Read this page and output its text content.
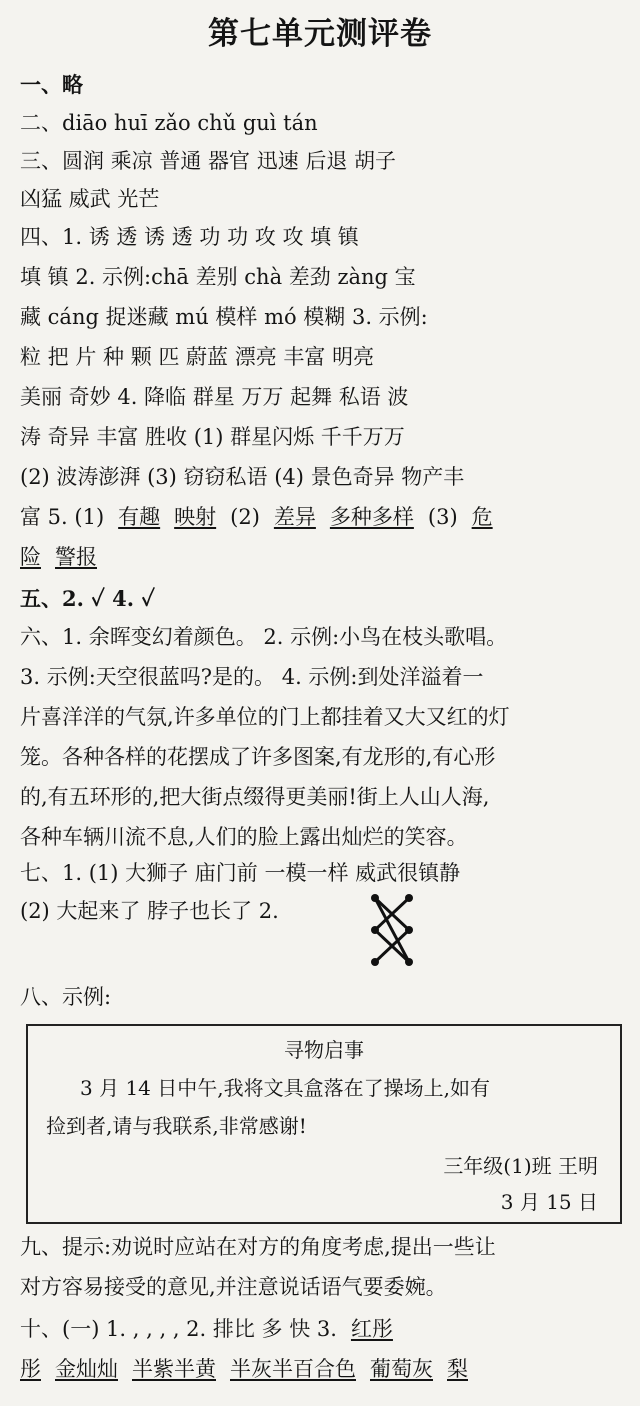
第七单元测评卷
一、略
二、diāo huī zǎo chǔ guì tán
三、圆润 乘凉 普通 器官 迅速 后退 胡子
凶猛 威武 光芒
四、1. 诱 透 诱 透 功 功 攻 攻 填 镇
填 镇 2. 示例:chā 差别 chà 差劲 zàng 宝
藏 cáng 捉迷藏 mú 模样 mó 模糊 3. 示例:
粒 把 片 种 颗 匹 蔚蓝 漂亮 丰富 明亮
美丽 奇妙 4. 降临 群星 万万 起舞 私语 波
涛 奇异 丰富 胜收 (1) 群星闪烁 千千万万
(2) 波涛澎湃 (3) 窃窃私语 (4) 景色奇异 物产丰
富 5. (1) 有趣 映射 (2) 差异 多种多样 (3) 危
险 警报
五、2. ✓ 4. ✓
六、1. 余晖变幻着颜色。 2. 示例:小鸟在枝头歌唱。
3. 示例:天空很蓝吗?是的。 4. 示例:到处洋溢着一
片喜洋洋的气氛,许多单位的门上都挂着又大又红的灯
笼。各种各样的花摆成了许多图案,有龙形的,有心形
的,有五环形的,把大街点缀得更美丽!街上人山人海,
各种车辆川流不息,人们的脸上露出灿烂的笑容。
七、1. (1) 大狮子 庙门前 一模一样 威武很镇静
(2) 大起来了 脖子也长了 2.
八、示例:
寻物启事
3 月 14 日中午,我将文具盒落在了操场上,如有
捡到者,请与我联系,非常感谢!
三年级(1)班 王明
3 月 15 日
九、提示:劝说时应站在对方的角度考虑,提出一些让
对方容易接受的意见,并注意说话语气要委婉。
十、(一) 1. , , , , 2. 排比 多 快 3. 红彤
彤 金灿灿 半紫半黄 半灰半百合色 葡萄灰 梨
